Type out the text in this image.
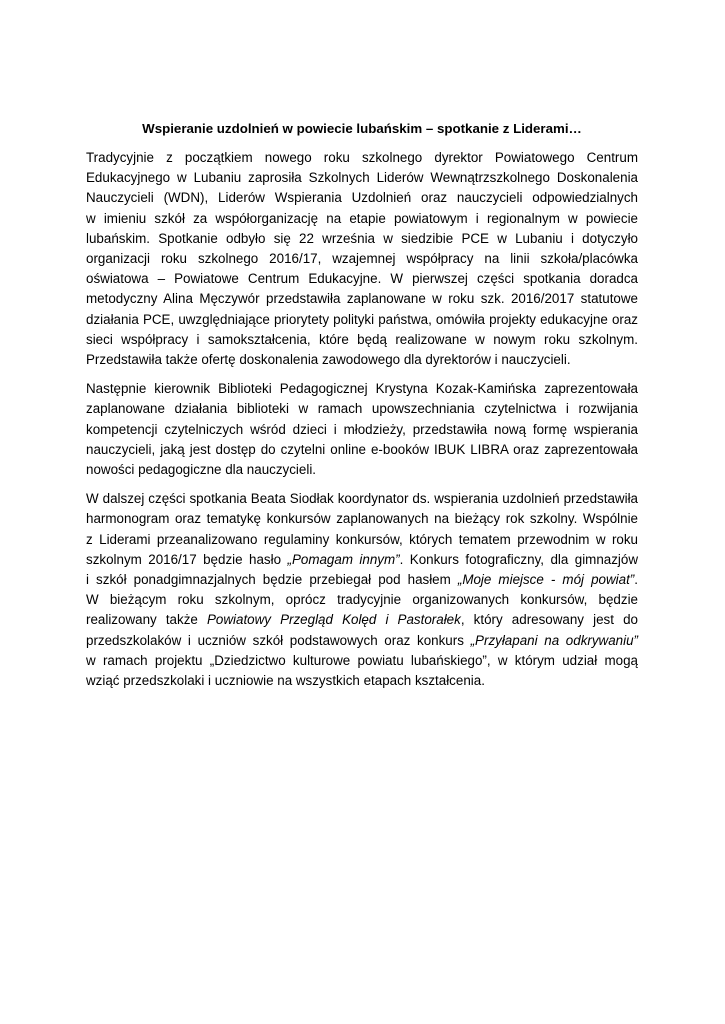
Wspieranie uzdolnień w powiecie lubańskim – spotkanie z Liderami…

Tradycyjnie z początkiem nowego roku szkolnego dyrektor Powiatowego Centrum
Edukacyjnego w Lubaniu zaprosiła Szkolnych Liderów Wewnątrzszkolnego Doskonalenia
Nauczycieli (WDN), Liderów Wspierania Uzdolnień oraz nauczycieli odpowiedzialnych
w imieniu szkół za współorganizację na etapie powiatowym i regionalnym w powiecie
lubańskim. Spotkanie odbyło się 22 września w siedzibie PCE w Lubaniu i dotyczyło
organizacji roku szkolnego 2016/17, wzajemnej współpracy na linii szkoła/placówka
oświatowa – Powiatowe Centrum Edukacyjne. W pierwszej części spotkania doradca
metodyczny Alina Męczywór przedstawiła zaplanowane w roku szk. 2016/2017 statutowe
działania PCE, uwzględniające priorytety polityki państwa, omówiła projekty edukacyjne oraz
sieci współpracy i samokształcenia, które będą realizowane w nowym roku szkolnym.
Przedstawiła także ofertę doskonalenia zawodowego dla dyrektorów i nauczycieli.

Następnie kierownik Biblioteki Pedagogicznej Krystyna Kozak-Kamińska zaprezentowała
zaplanowane działania biblioteki w ramach upowszechniania czytelnictwa i rozwijania
kompetencji czytelniczych wśród dzieci i młodzieży, przedstawiła nową formę wspierania
nauczycieli, jaką jest dostęp do czytelni online e-booków IBUK LIBRA oraz zaprezentowała
nowości pedagogiczne dla nauczycieli.

W dalszej części spotkania Beata Siodłak koordynator ds. wspierania uzdolnień przedstawiła
harmonogram oraz tematykę konkursów zaplanowanych na bieżący rok szkolny. Wspólnie
z Liderami przeanalizowano regulaminy konkursów, których tematem przewodnim w roku
szkolnym 2016/17 będzie hasło „Pomagam innym”. Konkurs fotograficzny, dla gimnazjów
i szkół ponadgimnazjalnych będzie przebiegał pod hasłem „Moje miejsce - mój powiat”.
W bieżącym roku szkolnym, oprócz tradycyjnie organizowanych konkursów, będzie
realizowany także Powiatowy Przegląd Kolęd i Pastorałek, który adresowany jest do
przedszkolaków i uczniów szkół podstawowych oraz konkurs „Przyłapani na odkrywaniu”
w ramach projektu „Dziedzictwo kulturowe powiatu lubańskiego”, w którym udział mogą
wziąć przedszkolaki i uczniowie na wszystkich etapach kształcenia.
